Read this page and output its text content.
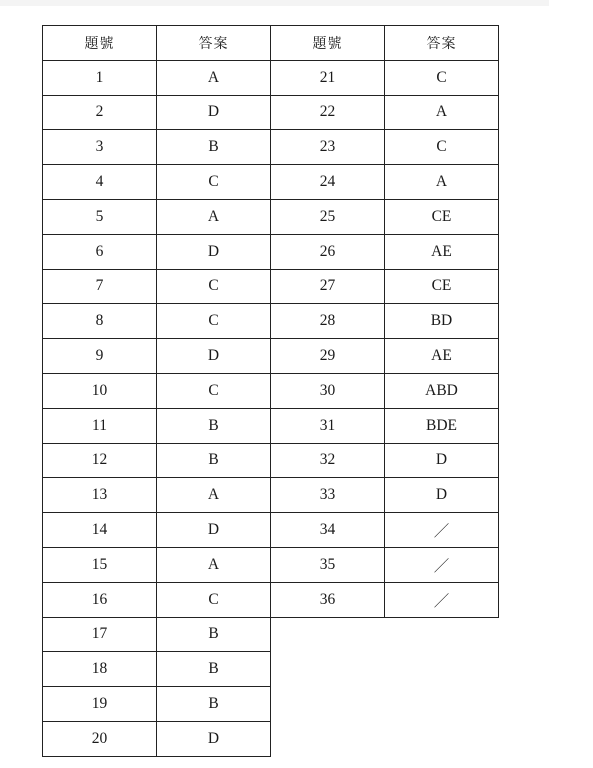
題號	答案	題號	答案
1	A	21	C
2	D	22	A
3	B	23	C
4	C	24	A
5	A	25	CE
6	D	26	AE
7	C	27	CE
8	C	28	BD
9	D	29	AE
10	C	30	ABD
11	B	31	BDE
12	B	32	D
13	A	33	D
14	D	34	／
15	A	35	／
16	C	36	／
17	B		
18	B		
19	B		
20	D		
